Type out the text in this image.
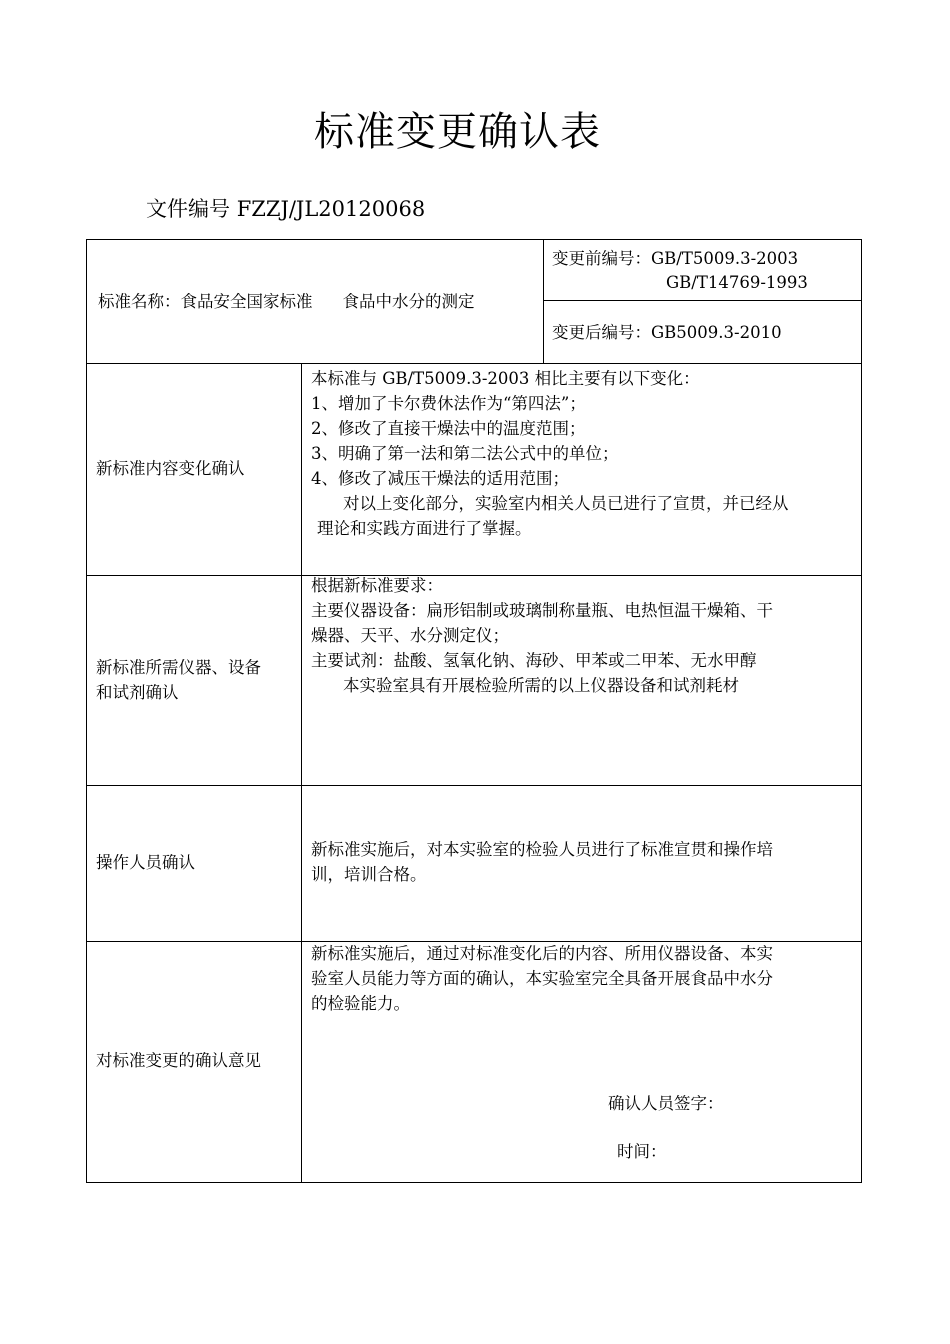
标准变更确认表
文件编号 FZZJ/JL20120068
标准名称：食品安全国家标准 食品中水分的测定
变更前编号：GB/T5009.3-2003
GB/T14769-1993
变更后编号：GB5009.3-2010
新标准内容变化确认

本标准与 GB/T5009.3-2003 相比主要有以下变化：

1、增加了卡尔费休法作为“第四法”；

2、修改了直接干燥法中的温度范围；

3、明确了第一法和第二法公式中的单位；

4、修改了减压干燥法的适用范围；

对以上变化部分，实验室内相关人员已进行了宣贯，并已经从

理论和实践方面进行了掌握。

新标准所需仪器、设备
和试剂确认

根据新标准要求：

主要仪器设备：扁形铝制或玻璃制称量瓶、电热恒温干燥箱、干

燥器、天平、水分测定仪；

主要试剂：盐酸、氢氧化钠、海砂、甲苯或二甲苯、无水甲醇

本实验室具有开展检验所需的以上仪器设备和试剂耗材

操作人员确认

新标准实施后，对本实验室的检验人员进行了标准宣贯和操作培

训，培训合格。

对标准变更的确认意见

新标准实施后，通过对标准变化后的内容、所用仪器设备、本实

验室人员能力等方面的确认，本实验室完全具备开展食品中水分

的检验能力。

确认人员签字：
时间：
